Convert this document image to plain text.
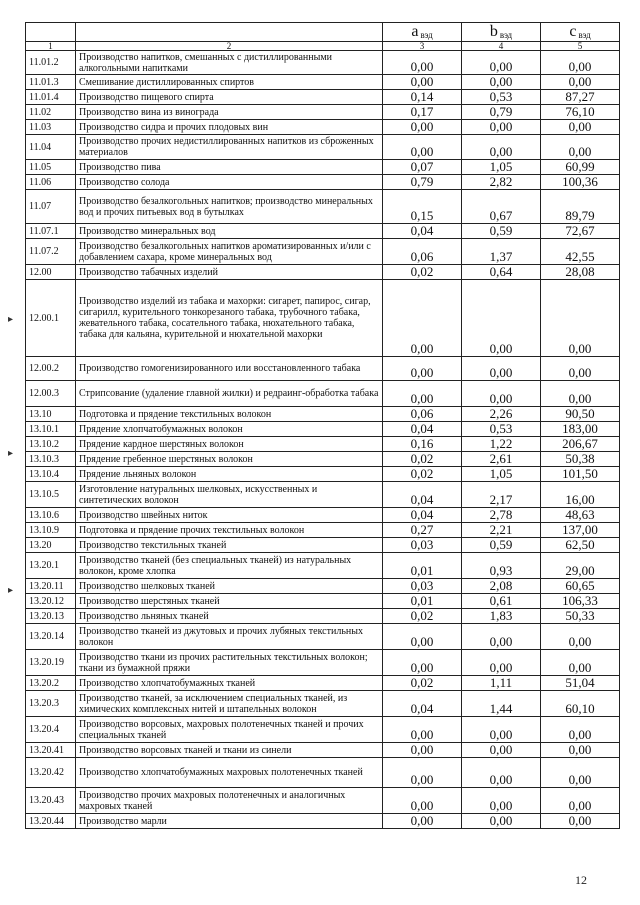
		a $_{вэд}$	b $_{вэд}$	c $_{вэд}$
1	2	3	4	5
11.01.2	Производство напитков, смешанных с дистиллированными алкогольными напитками	0,00	0,00	0,00
11.01.3	Смешивание дистиллированных спиртов	0,00	0,00	0,00
11.01.4	Производство пищевого спирта	0,14	0,53	87,27
11.02	Производство вина из винограда	0,17	0,79	76,10
11.03	Производство сидра и прочих плодовых вин	0,00	0,00	0,00
11.04	Производство прочих недистиллированных напитков из сброженных материалов	0,00	0,00	0,00
11.05	Производство пива	0,07	1,05	60,99
11.06	Производство солода	0,79	2,82	100,36
11.07	Производство безалкогольных напитков; производство минеральных вод и прочих питьевых вод в бутылках	0,15	0,67	89,79
11.07.1	Производство минеральных вод	0,04	0,59	72,67
11.07.2	Производство безалкогольных напитков ароматизированных и/или с добавлением сахара, кроме минеральных вод	0,06	1,37	42,55
12.00	Производство табачных изделий	0,02	0,64	28,08
12.00.1	Производство изделий из табака и махорки: сигарет, папирос, сигар, сигарилл, курительного тонкорезаного табака, трубочного табака, жевательного табака, сосательного табака, нюхательного табака, табака для кальяна, курительной и нюхательной махорки	0,00	0,00	0,00
12.00.2	Производство гомогенизированного или восстановленного табака	0,00	0,00	0,00
12.00.3	Стрипсование (удаление главной жилки) и редраинг-обработка табака	0,00	0,00	0,00
13.10	Подготовка и прядение текстильных волокон	0,06	2,26	90,50
13.10.1	Прядение хлопчатобумажных волокон	0,04	0,53	183,00
13.10.2	Прядение кардное шерстяных волокон	0,16	1,22	206,67
13.10.3	Прядение гребенное шерстяных волокон	0,02	2,61	50,38
13.10.4	Прядение льняных волокон	0,02	1,05	101,50
13.10.5	Изготовление натуральных шелковых, искусственных и синтетических волокон	0,04	2,17	16,00
13.10.6	Производство швейных ниток	0,04	2,78	48,63
13.10.9	Подготовка и прядение прочих текстильных волокон	0,27	2,21	137,00
13.20	Производство текстильных тканей	0,03	0,59	62,50
13.20.1	Производство тканей (без специальных тканей) из натуральных волокон, кроме хлопка	0,01	0,93	29,00
13.20.11	Производство шелковых тканей	0,03	2,08	60,65
13.20.12	Производство шерстяных тканей	0,01	0,61	106,33
13.20.13	Производство льняных тканей	0,02	1,83	50,33
13.20.14	Производство тканей из джутовых и прочих лубяных текстильных волокон	0,00	0,00	0,00
13.20.19	Производство ткани из прочих растительных текстильных волокон; ткани из бумажной пряжи	0,00	0,00	0,00
13.20.2	Производство хлопчатобумажных тканей	0,02	1,11	51,04
13.20.3	Производство тканей, за исключением специальных тканей, из химических комплексных нитей и штапельных волокон	0,04	1,44	60,10
13.20.4	Производство ворсовых, махровых полотенечных тканей и прочих специальных тканей	0,00	0,00	0,00
13.20.41	Производство ворсовых тканей и ткани из синели	0,00	0,00	0,00
13.20.42	Производство хлопчатобумажных махровых полотенечных тканей	0,00	0,00	0,00
13.20.43	Производство прочих махровых полотенечных и аналогичных махровых тканей	0,00	0,00	0,00
13.20.44	Производство марли	0,00	0,00	0,00
12
▸
▸
▸
